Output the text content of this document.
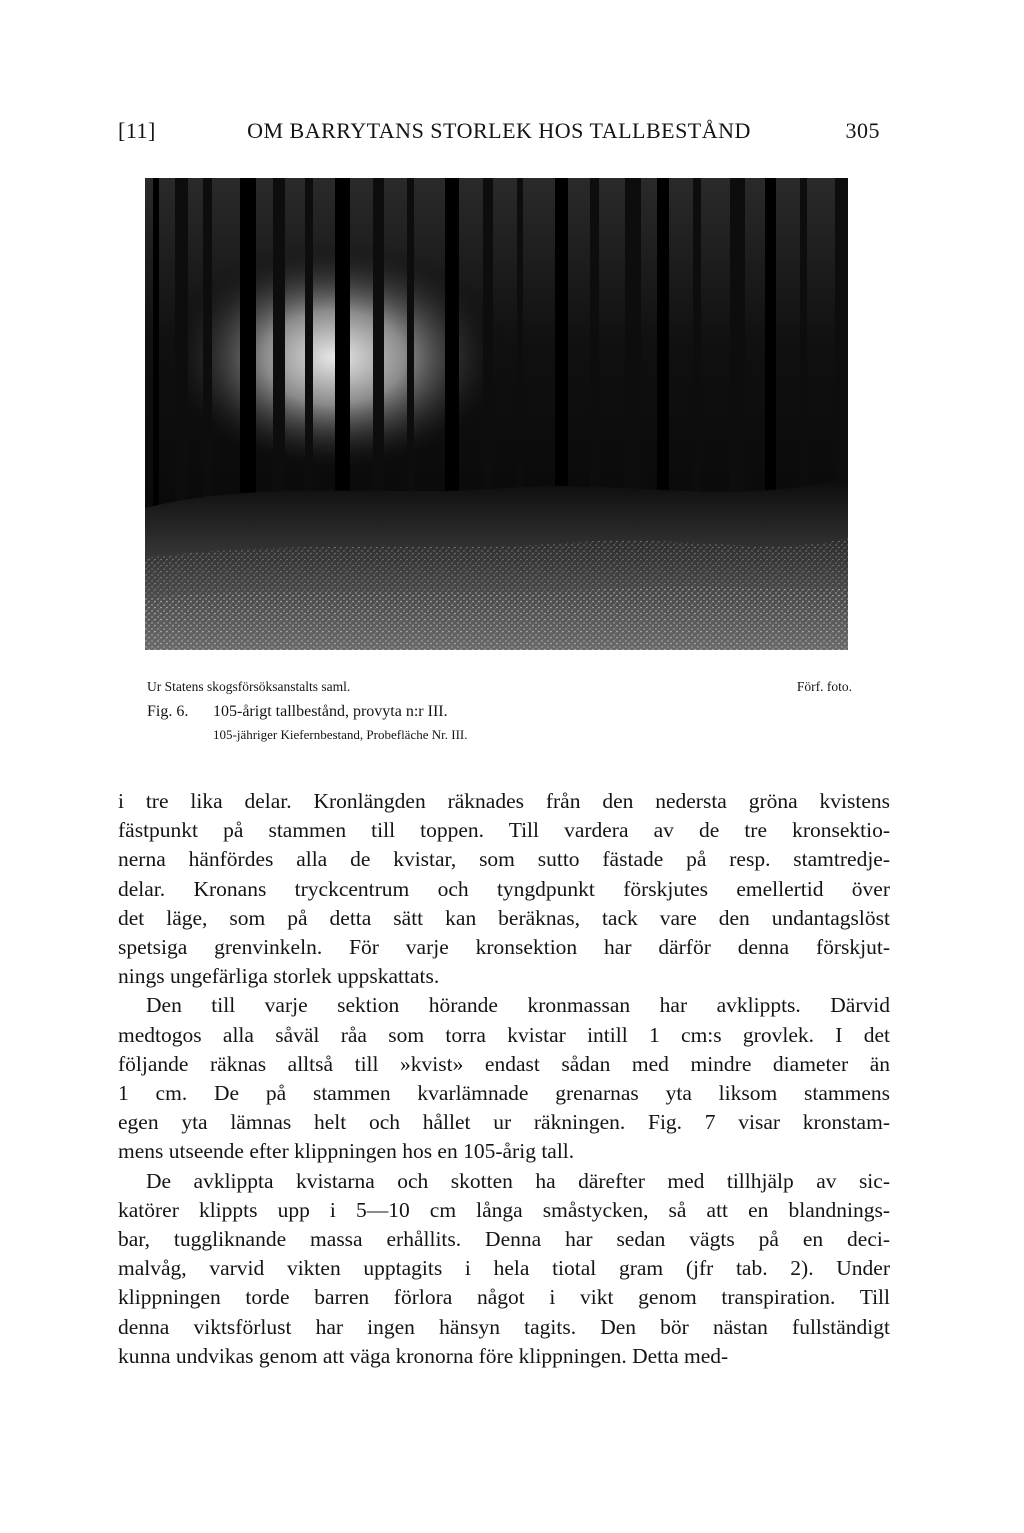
[11]	OM BARRYTANS STORLEK HOS TALLBESTÅND	305
Ur Statens skogsförsöksanstalts saml.	Förf. foto.
Fig. 6. 105-årigt tallbestånd, provyta n:r III.
105-jähriger Kiefernbestand, Probefläche Nr. III.

i tre lika delar. Kronlängden räknades från den nedersta gröna kvistens
fästpunkt på stammen till toppen. Till vardera av de tre kronsektio-
nerna hänfördes alla de kvistar, som sutto fästade på resp. stamtredje-
delar. Kronans tryckcentrum och tyngdpunkt förskjutes emellertid över
det läge, som på detta sätt kan beräknas, tack vare den undantagslöst
spetsiga grenvinkeln. För varje kronsektion har därför denna förskjut-
nings ungefärliga storlek uppskattats.

Den till varje sektion hörande kronmassan har avklippts. Därvid
medtogos alla såväl råa som torra kvistar intill 1 cm:s grovlek. I det
följande räknas alltså till »kvist» endast sådan med mindre diameter än
1 cm. De på stammen kvarlämnade grenarnas yta liksom stammens
egen yta lämnas helt och hållet ur räkningen. Fig. 7 visar kronstam-
mens utseende efter klippningen hos en 105-årig tall.

De avklippta kvistarna och skotten ha därefter med tillhjälp av sic-
katörer klippts upp i 5—10 cm långa småstycken, så att en blandnings-
bar, tuggliknande massa erhållits. Denna har sedan vägts på en deci-
malvåg, varvid vikten upptagits i hela tiotal gram (jfr tab. 2). Under
klippningen torde barren förlora något i vikt genom transpiration. Till
denna viktsförlust har ingen hänsyn tagits. Den bör nästan fullständigt
kunna undvikas genom att väga kronorna före klippningen. Detta med-
